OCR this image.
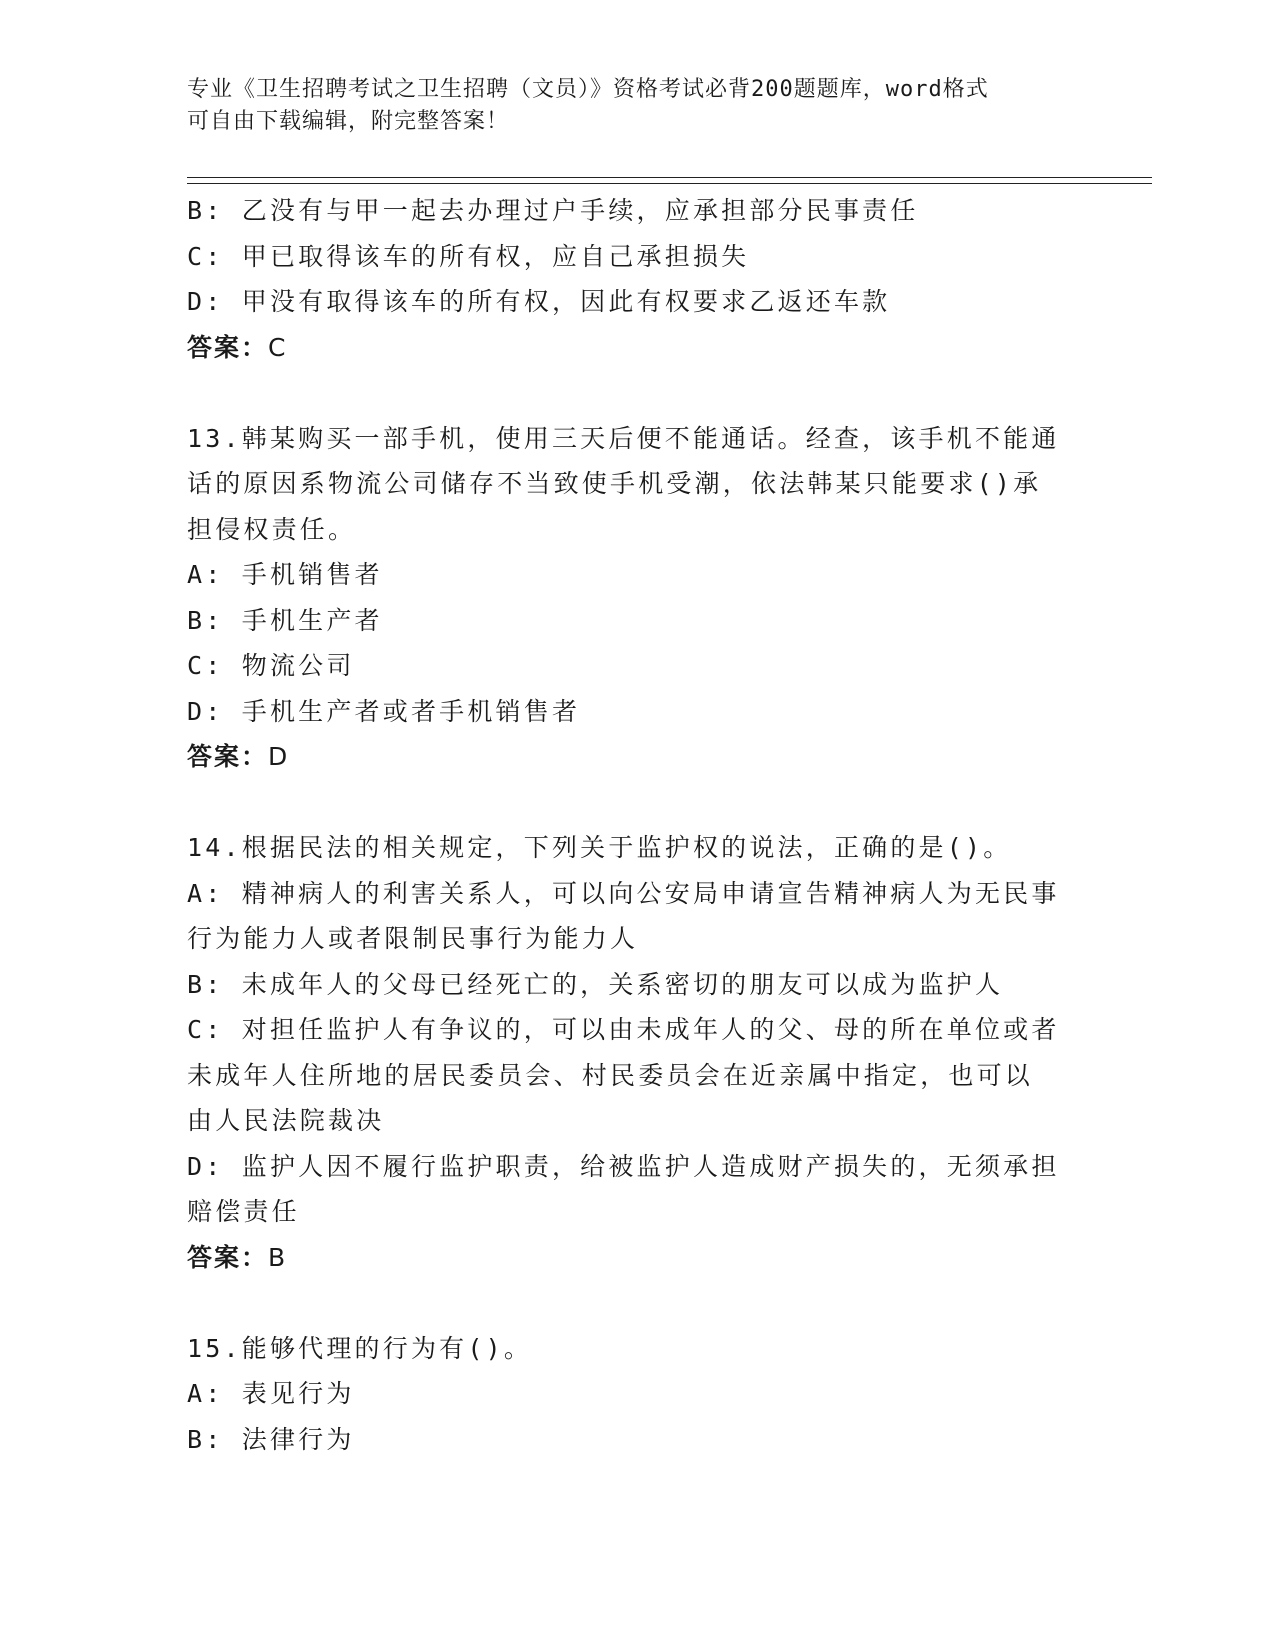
专业《卫生招聘考试之卫生招聘（文员）》资格考试必背200题题库，word格式
可自由下载编辑，附完整答案！
B: 乙没有与甲一起去办理过户手续，应承担部分民事责任
C: 甲已取得该车的所有权，应自己承担损失
D: 甲没有取得该车的所有权，因此有权要求乙返还车款
答案：C
13.韩某购买一部手机，使用三天后便不能通话。经查，该手机不能通
话的原因系物流公司储存不当致使手机受潮，依法韩某只能要求()承
担侵权责任。
A: 手机销售者
B: 手机生产者
C: 物流公司
D: 手机生产者或者手机销售者
答案：D
14.根据民法的相关规定，下列关于监护权的说法，正确的是()。
A: 精神病人的利害关系人，可以向公安局申请宣告精神病人为无民事
行为能力人或者限制民事行为能力人
B: 未成年人的父母已经死亡的，关系密切的朋友可以成为监护人
C: 对担任监护人有争议的，可以由未成年人的父、母的所在单位或者
未成年人住所地的居民委员会、村民委员会在近亲属中指定，也可以
由人民法院裁决
D: 监护人因不履行监护职责，给被监护人造成财产损失的，无须承担
赔偿责任
答案：B
15.能够代理的行为有()。
A: 表见行为
B: 法律行为
